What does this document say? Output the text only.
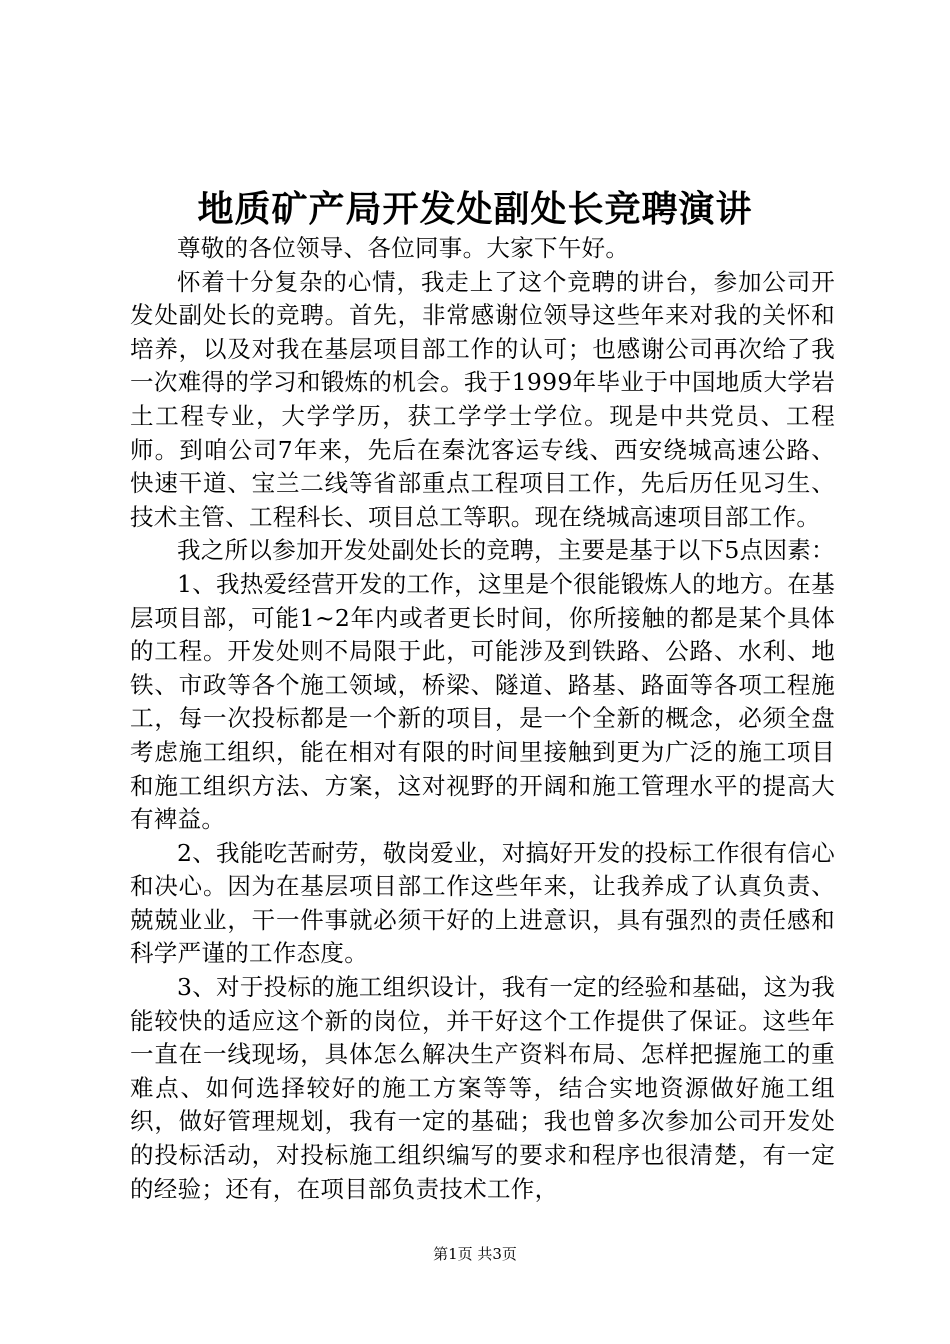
地质矿产局开发处副处长竞聘演讲

尊敬的各位领导、各位同事。大家下午好。

怀着十分复杂的心情，我走上了这个竞聘的讲台，参加公司开发处副处长的竞聘。首先，非常感谢位领导这些年来对我的关怀和培养，以及对我在基层项目部工作的认可；也感谢公司再次给了我一次难得的学习和锻炼的机会。我于1999年毕业于中国地质大学岩土工程专业，大学学历，获工学学士学位。现是中共党员、工程师。到咱公司7年来，先后在秦沈客运专线、西安绕城高速公路、快速干道、宝兰二线等省部重点工程项目工作，先后历任见习生、技术主管、工程科长、项目总工等职。现在绕城高速项目部工作。

我之所以参加开发处副处长的竞聘，主要是基于以下5点因素：

1、我热爱经营开发的工作，这里是个很能锻炼人的地方。在基层项目部，可能1~2年内或者更长时间，你所接触的都是某个具体的工程。开发处则不局限于此，可能涉及到铁路、公路、水利、地铁、市政等各个施工领域，桥梁、隧道、路基、路面等各项工程施工，每一次投标都是一个新的项目，是一个全新的概念，必须全盘考虑施工组织，能在相对有限的时间里接触到更为广泛的施工项目和施工组织方法、方案，这对视野的开阔和施工管理水平的提高大有裨益。

2、我能吃苦耐劳，敬岗爱业，对搞好开发的投标工作很有信心和决心。因为在基层项目部工作这些年来，让我养成了认真负责、兢兢业业，干一件事就必须干好的上进意识，具有强烈的责任感和科学严谨的工作态度。

3、对于投标的施工组织设计，我有一定的经验和基础，这为我能较快的适应这个新的岗位，并干好这个工作提供了保证。这些年一直在一线现场，具体怎么解决生产资料布局、怎样把握施工的重难点、如何选择较好的施工方案等等，结合实地资源做好施工组织，做好管理规划，我有一定的基础；我也曾多次参加公司开发处的投标活动，对投标施工组织编写的要求和程序也很清楚，有一定的经验；还有，在项目部负责技术工作，

第1页 共3页
